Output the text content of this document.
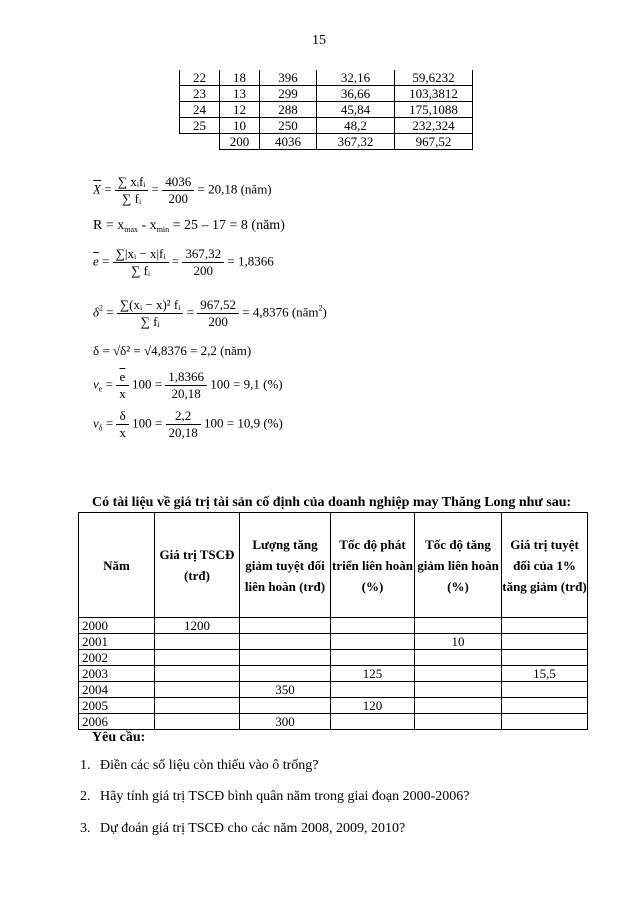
15
22	18	396	32,16	59,6232
23	13	299	36,66	103,3812
24	12	288	45,84	175,1088
25	10	250	48,2	232,324
	200	4036	367,32	967,52
$\overline{X} = \frac{\text{∑ xᵢfᵢ}}{\text{∑ fᵢ}} = \frac{4036}{200} = 20,18$ (năm)
$R = x_{max} - x_{min} = 25 - 17 = 8$ (năm)
$\overline{e} = \frac{\text{∑|xᵢ − x|fᵢ}}{\text{∑ fᵢ}} = \frac{367,32}{200} = 1,8366$
$\delta^2 = \frac{\text{∑(xᵢ − x)² fᵢ}}{\text{∑ fᵢ}} = \frac{967,52}{200} = 4,8376$ (năm$^2$)
δ = √δ² = √4,8376 = 2,2 (năm)
$v_e = \frac{\overline{e}}{x} 100 = \frac{1,8366}{20,18} 100 = 9,1$ (%)
$v_\delta = \frac{\delta}{x} 100 = \frac{2,2}{20,18} 100 = 10,9$ (%)
Có tài liệu về giá trị tài sản cố định của doanh nghiệp may Thăng Long như sau:
Năm	Giá trị TSCĐ (trđ)	Lượng tăng giảm tuyệt đối liên hoàn (trđ)	Tốc độ phát triển liên hoàn (%)	Tốc độ tăng giảm liên hoàn (%)	Giá trị tuyệt đối của 1% tăng giảm (trđ)
2000	1200				
2001				10	
2002					
2003			125		15,5
2004		350			
2005			120		
2006		300			
Yêu cầu:
1. Điền các số liệu còn thiếu vào ô trống?
2. Hãy tính giá trị TSCĐ bình quân năm trong giai đoạn 2000-2006?
3. Dự đoán giá trị TSCĐ cho các năm 2008, 2009, 2010?
